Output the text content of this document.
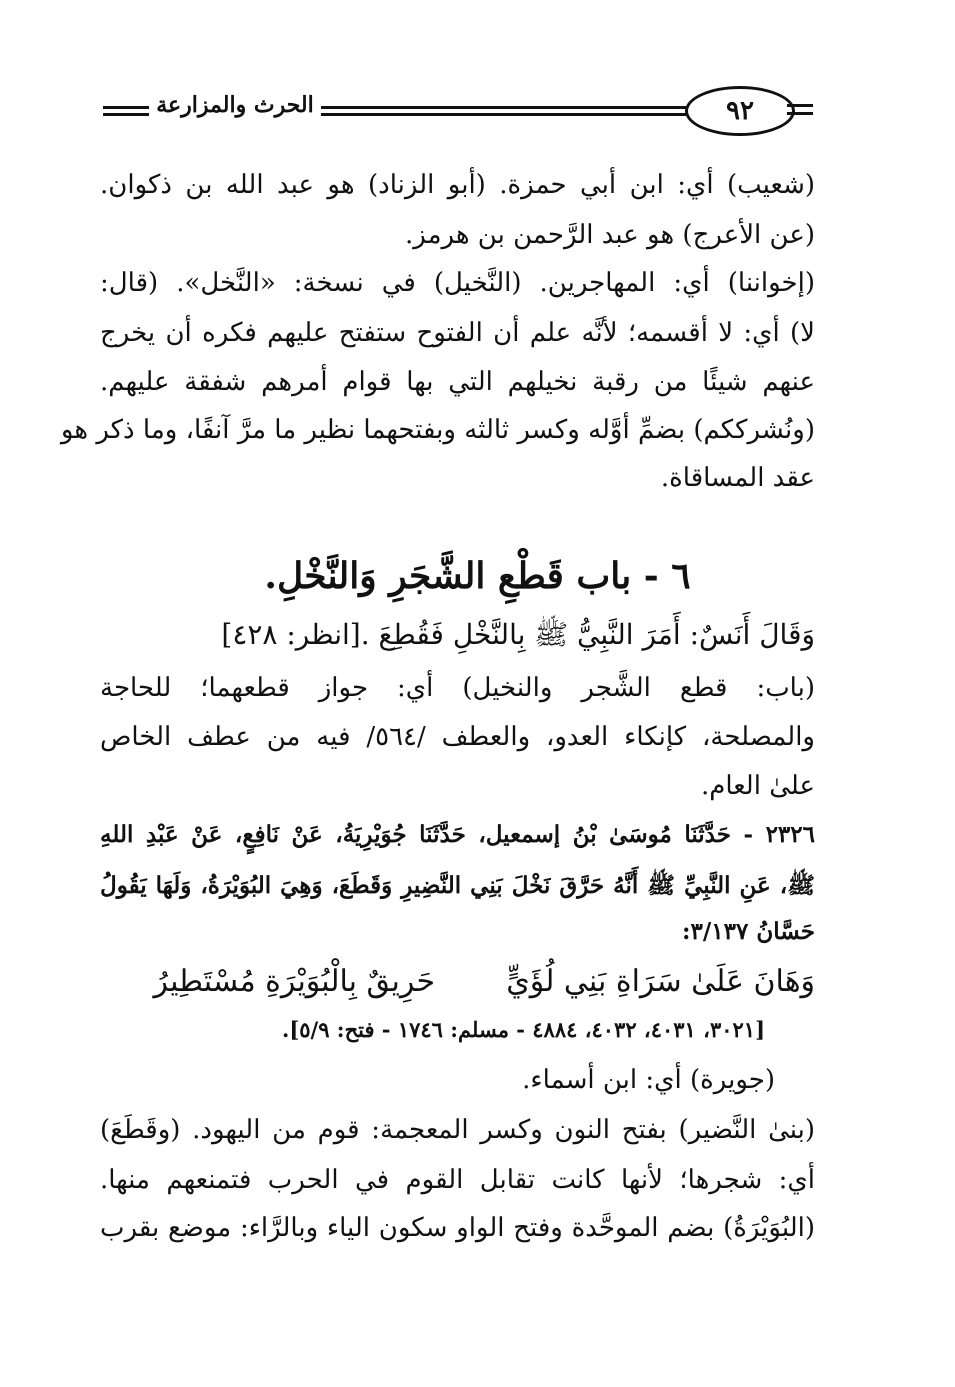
الحرث والمزارعة	٩٢
(شعيب) أي: ابن أبي حمزة. (أبو الزناد) هو عبد الله بن ذكوان.
(عن الأعرج) هو عبد الرَّحمن بن هرمز.
(إخواننا) أي: المهاجرين. (النَّخيل) في نسخة: «النَّخل». (قال:
لا) أي: لا أقسمه؛ لأنَّه علم أن الفتوح ستفتح عليهم فكره أن يخرج
عنهم شيئًا من رقبة نخيلهم التي بها قوام أمرهم شفقة عليهم.
(ونُشرككم) بضمِّ أوَّله وكسر ثالثه وبفتحهما نظير ما مرَّ آنفًا، وما ذكر هو
عقد المساقاة.
٦ - باب قَطْعِ الشَّجَرِ وَالنَّخْلِ.
وَقَالَ أَنَسٌ: أَمَرَ النَّبِيُّ ﷺ بِالنَّخْلِ فَقُطِعَ .[انظر: ٤٢٨]
(باب: قطع الشَّجر والنخيل) أي: جواز قطعهما؛ للحاجة
والمصلحة، كإنكاء العدو، والعطف /٥٦٤/ فيه من عطف الخاص
علىٰ العام.
٢٣٢٦ - حَدَّثَنَا مُوسَىٰ بْنُ إسمعيل، حَدَّثَنَا جُوَيْرِيَةُ، عَنْ نَافِعٍ، عَنْ عَبْدِ اللهِ
ﷺ، عَنِ النَّبِيِّ ﷺ أَنَّهُ حَرَّقَ نَخْلَ بَنِي النَّضِيرِ وَقَطَعَ، وَهِيَ البُوَيْرَةُ، وَلَهَا يَقُولُ
حَسَّانُ ٣/١٣٧:
وَهَانَ عَلَىٰ سَرَاةِ بَنِي لُؤَيٍّ
حَرِيقٌ بِالْبُوَيْرَةِ مُسْتَطِيرُ
[٣٠٢١، ٤٠٣١، ٤٠٣٢، ٤٨٨٤ - مسلم: ١٧٤٦ - فتح: ٥/٩].
(جويرة) أي: ابن أسماء.
(بنىٰ النَّضير) بفتح النون وكسر المعجمة: قوم من اليهود. (وقَطَعَ)
أي: شجرها؛ لأنها كانت تقابل القوم في الحرب فتمنعهم منها.
(البُوَيْرَةُ) بضم الموحَّدة وفتح الواو سكون الياء وبالرَّاء: موضع بقرب
